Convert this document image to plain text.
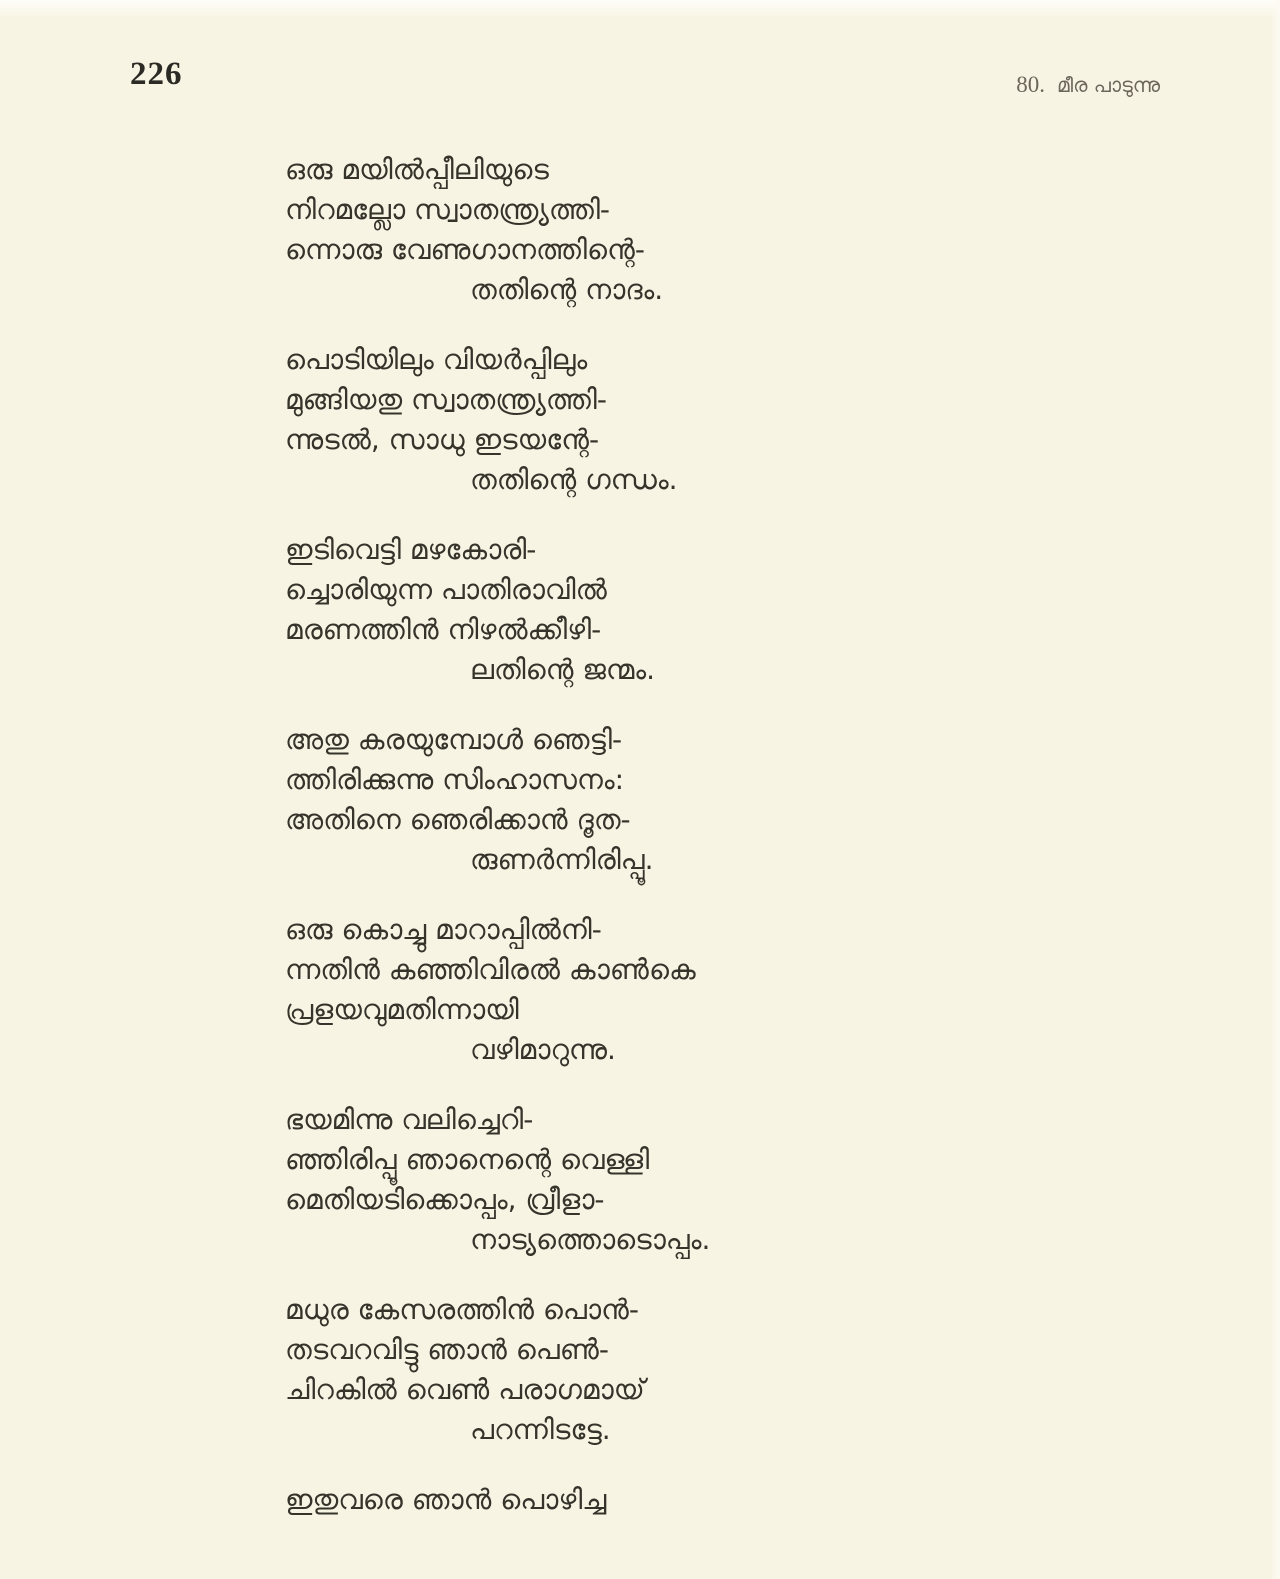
226	80. മീര പാടുന്നു

ഒരു മയിൽപ്പീലിയുടെ

നിറമല്ലോ സ്വാതന്ത്ര്യത്തി-

ന്നൊരു വേണുഗാനത്തിന്റെ-

തതിന്റെ നാദം.

പൊടിയിലും വിയർപ്പിലും

മുങ്ങിയതു സ്വാതന്ത്ര്യത്തി-

ന്നുടൽ, സാധു ഇടയന്റേ-

തതിന്റെ ഗന്ധം.

ഇടിവെട്ടി മഴകോരി-

ച്ചൊരിയുന്ന പാതിരാവിൽ

മരണത്തിൻ നിഴൽക്കീഴി-

ലതിന്റെ ജന്മം.

അതു കരയുമ്പോൾ ഞെട്ടി-

ത്തിരിക്കുന്നു സിംഹാസനം:

അതിനെ ഞെരിക്കാൻ ദൂത-

രുണർന്നിരിപ്പൂ.

ഒരു കൊച്ചു മാറാപ്പിൽനി-

ന്നതിൻ കഞ്ഞിവിരൽ കാൺകെ

പ്രളയവുമതിന്നായി

വഴിമാറുന്നു.

ഭയമിന്നു വലിച്ചെറി-

ഞ്ഞിരിപ്പൂ ഞാനെന്റെ വെള്ളി

മെതിയടിക്കൊപ്പം, വ്രീളാ-

നാട്യത്തൊടൊപ്പം.

മധുര കേസരത്തിൻ പൊൻ-

തടവറവിട്ടു ഞാൻ പെൺ-

ചിറകിൽ വെൺ പരാഗമായ്

പറന്നിടട്ടേ.

ഇതുവരെ ഞാൻ പൊഴിച്ച
